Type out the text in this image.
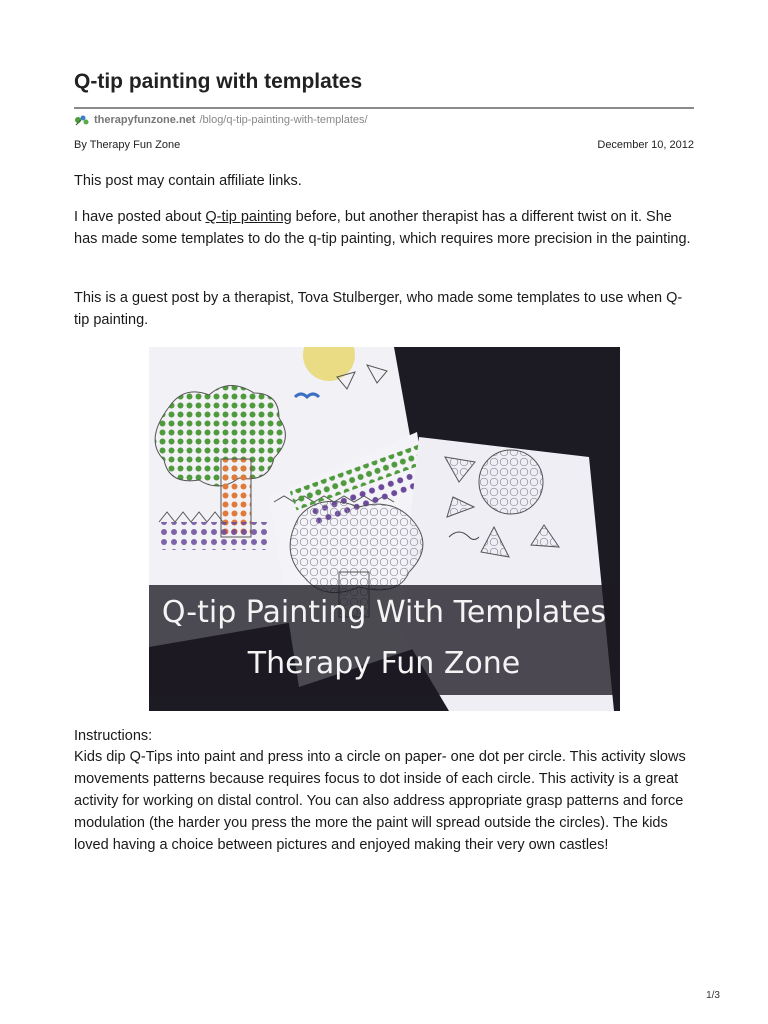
Q-tip painting with templates
therapyfunzone.net /blog/q-tip-painting-with-templates/
By Therapy Fun Zone	December 10, 2012

This post may contain affiliate links.

I have posted about Q-tip painting before, but another therapist has a different twist on it. She has made some templates to do the q-tip painting, which requires more precision in the painting.

This is a guest post by a therapist, Tova Stulberger, who made some templates to use when Q-tip painting.

Q-tip Painting With Templates
Therapy Fun Zone
Instructions:

Kids dip Q-Tips into paint and press into a circle on paper- one dot per circle. This activity slows movements patterns because requires focus to dot inside of each circle. This activity is a great activity for working on distal control. You can also address appropriate grasp patterns and force modulation (the harder you press the more the paint will spread outside the circles). The kids loved having a choice between pictures and enjoyed making their very own castles!

1/3
